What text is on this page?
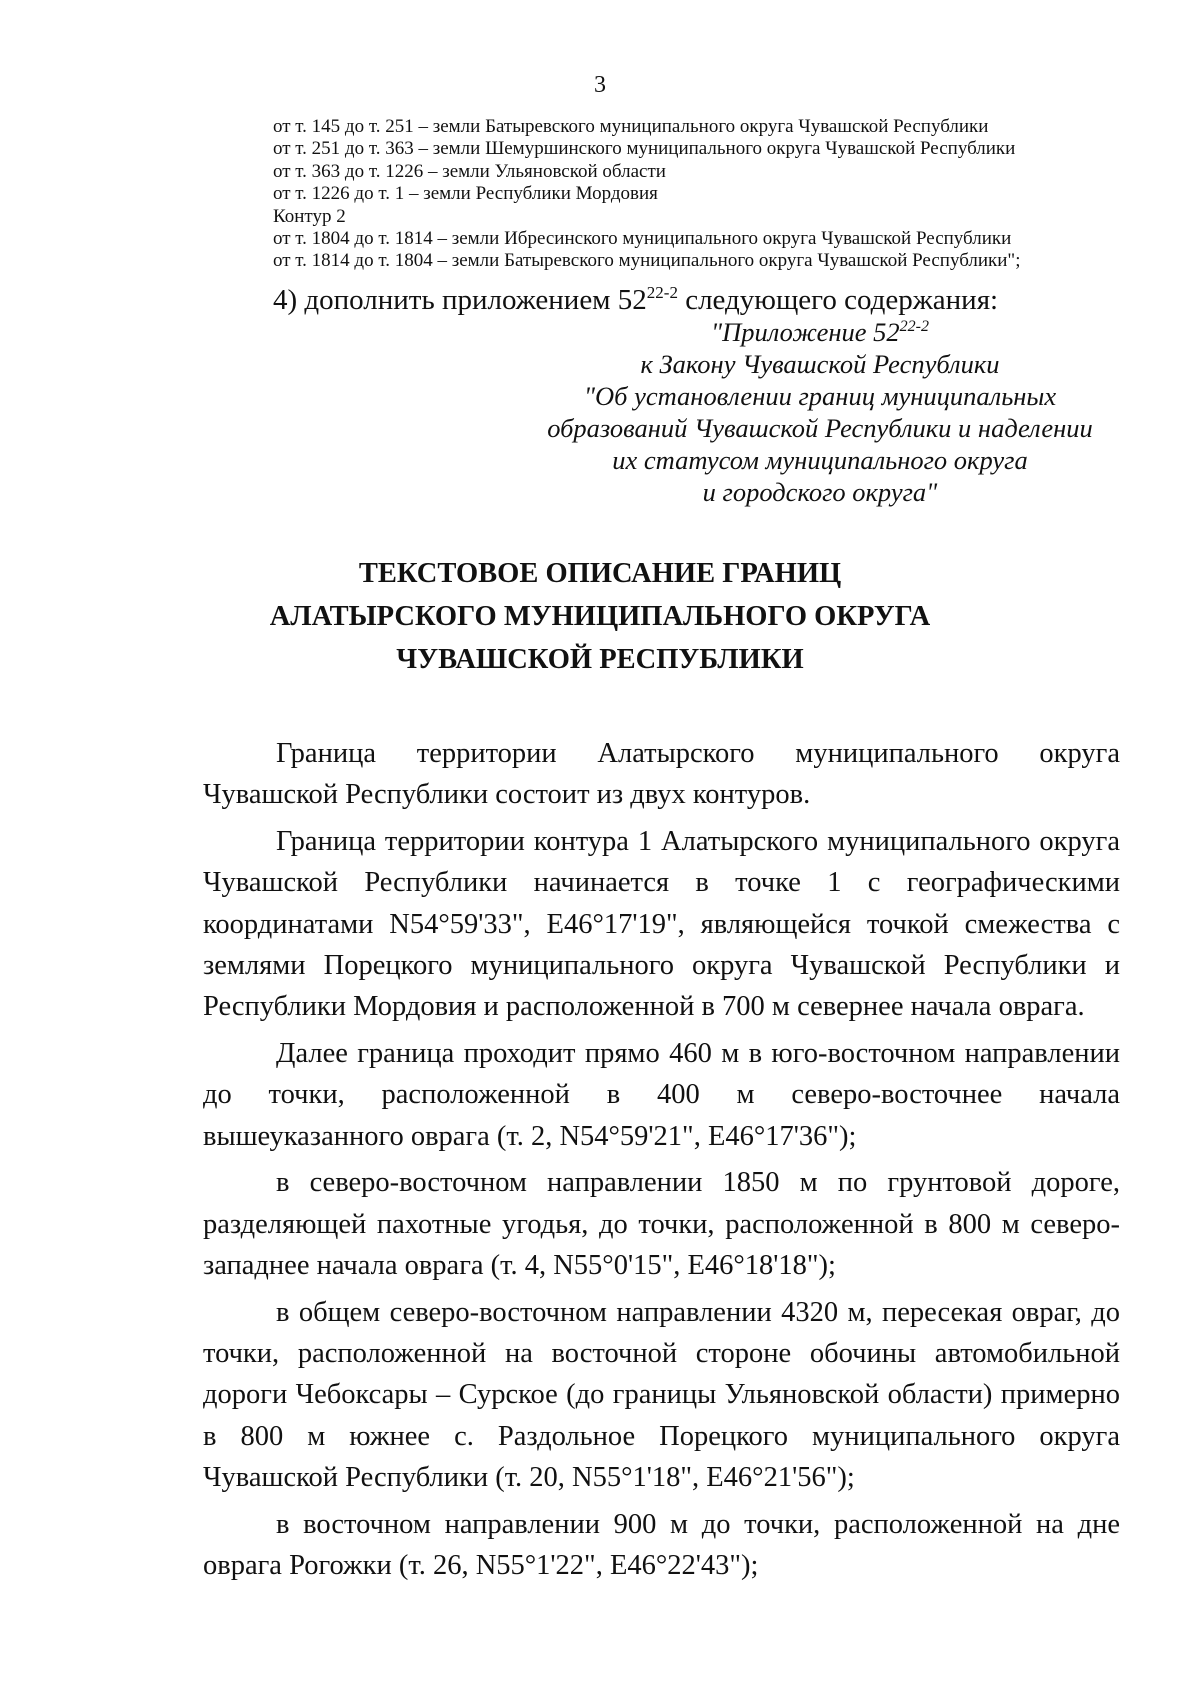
3
от т. 145 до т. 251 – земли Батыревского муниципального округа Чувашской Республики
от т. 251 до т. 363 – земли Шемуршинского муниципального округа Чувашской Республики
от т. 363 до т. 1226 – земли Ульяновской области
от т. 1226 до т. 1 – земли Республики Мордовия
Контур 2
от т. 1804 до т. 1814 – земли Ибресинского муниципального округа Чувашской Республики
от т. 1814 до т. 1804 – земли Батыревского муниципального округа Чувашской Республики";
4) дополнить приложением 52$^{22-2}$ следующего содержания:
"Приложение 52$^{22-2}$
к Закону Чувашской Республики
"Об установлении границ муниципальных
образований Чувашской Республики и наделении
их статусом муниципального округа
и городского округа"
ТЕКСТОВОЕ ОПИСАНИЕ ГРАНИЦ
АЛАТЫРСКОГО МУНИЦИПАЛЬНОГО ОКРУГА
ЧУВАШСКОЙ РЕСПУБЛИКИ

Граница территории Алатырского муниципального округа Чувашской Республики состоит из двух контуров.

Граница территории контура 1 Алатырского муниципального округа Чувашской Республики начинается в точке 1 с географическими координатами N54°59'33", E46°17'19", являющейся точкой смежества с землями Порецкого муниципального округа Чувашской Республики и Республики Мордовия и расположенной в 700 м севернее начала оврага.

Далее граница проходит прямо 460 м в юго-восточном направлении до точки, расположенной в 400 м северо-восточнее начала вышеуказанного оврага (т. 2, N54°59'21", E46°17'36");

в северо-восточном направлении 1850 м по грунтовой дороге, разделяющей пахотные угодья, до точки, расположенной в 800 м северо-западнее начала оврага (т. 4, N55°0'15", E46°18'18");

в общем северо-восточном направлении 4320 м, пересекая овраг, до точки, расположенной на восточной стороне обочины автомобильной дороги Чебоксары – Сурское (до границы Ульяновской области) примерно в 800 м южнее с. Раздольное Порецкого муниципального округа Чувашской Республики (т. 20, N55°1'18", E46°21'56");

в восточном направлении 900 м до точки, расположенной на дне оврага Рогожки (т. 26, N55°1'22", E46°22'43");
